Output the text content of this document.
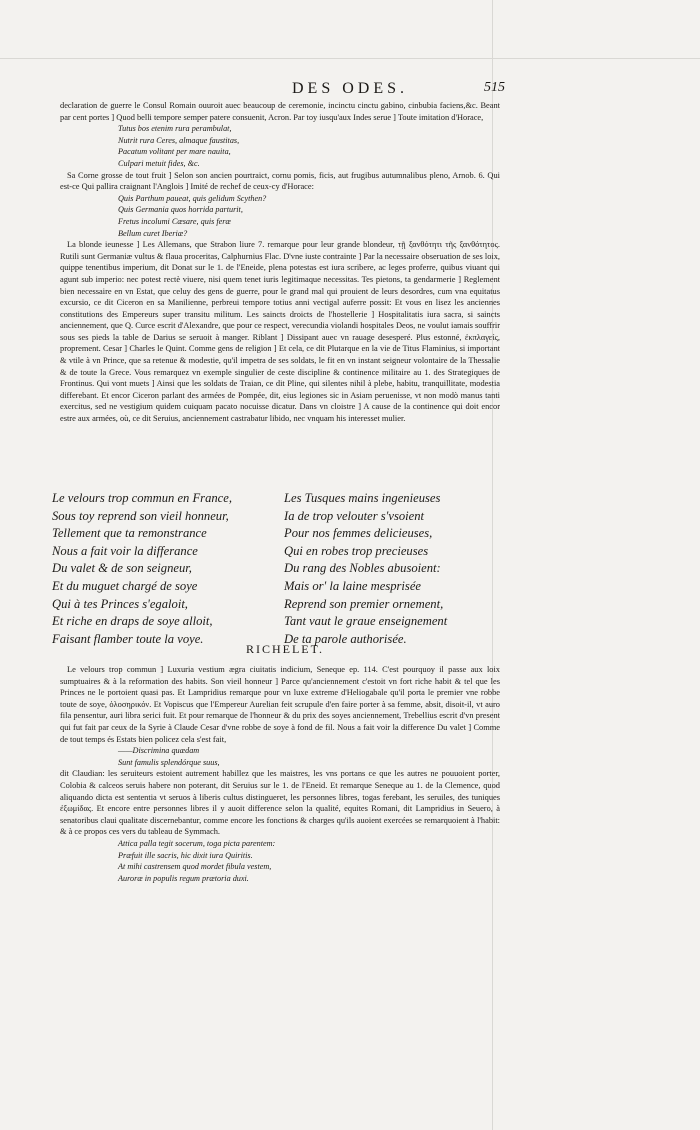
DES ODES.	515

declaration de guerre le Consul Romain ouuroit auec beaucoup de ceremonie, incinctu cinctu gabino, cinbubia faciens,&c. Beant par cent portes ] Quod belli tempore semper patere consuenit, Acron. Par toy iusqu'aux Indes serue ] Toute imitation d'Horace,

Tutus bos etenim rura perambulat,
Nutrit rura Ceres, almaque faustitas,
Pacatum volitant per mare nauita,
Culpari metuit fides, &c.

Sa Corne grosse de tout fruit ] Selon son ancien pourtraict, cornu pomis, ficis, aut frugibus autumnalibus pleno, Arnob. 6. Qui est-ce Qui pallira craignant l'Anglois ] Imité de rechef de ceux-cy d'Horace:

Quis Parthum paueat, quis gelidum Scythen?
Quis Germania quos horrida parturit,
Fretus incolumi Cæsare, quis feræ
Bellum curet Iberiæ?

La blonde ieunesse ] Les Allemans, que Strabon liure 7. remarque pour leur grande blondeur, τῇ ξανθότητι τῆς ξανθότητος. Rutili sunt Germaniæ vultus & flaua proceritas, Calphurnius Flac. D'vne iuste contrainte ] Par la necessaire obseruation de ses loix, quippe tenentibus imperium, dit Donat sur le 1. de l'Eneide, plena potestas est iura scribere, ac leges proferre, quibus viuant qui agunt sub imperio: nec potest rectè viuere, nisi quem tenet iuris legitimaque necessitas. Tes pietons, ta gendarmerie ] Reglement bien necessaire en vn Estat, que celuy des gens de guerre, pour le grand mal qui prouient de leurs desordres, cum vna equitatus excursio, ce dit Ciceron en sa Manilienne, perbreui tempore totius anni vectigal auferre possit: Et vous en lisez les anciennes constitutions des Empereurs super transitu militum. Les saincts droicts de l'hostellerie ] Hospitalitatis iura sacra, si saincts anciennement, que Q. Curce escrit d'Alexandre, que pour ce respect, verecundia violandi hospitales Deos, ne voulut iamais souffrir sous ses pieds la table de Darius se seruoit à manger. Riblant ] Dissipant auec vn rauage desesperé. Plus estonné, ἐκπλαγείς, proprement. Cesar ] Charles le Quint. Comme gens de religion ] Et cela, ce dit Plutarque en la vie de Titus Flaminius, si important & vtile à vn Prince, que sa retenue & modestie, qu'il impetra de ses soldats, le fit en vn instant seigneur volontaire de la Thessalie & de toute la Grece. Vous remarquez vn exemple singulier de ceste discipline & continence militaire au 1. des Strategiques de Frontinus. Qui vont muets ] Ainsi que les soldats de Traian, ce dit Pline, qui silentes nihil à plebe, habitu, tranquillitate, modestia differebant. Et encor Ciceron parlant des armées de Pompée, dit, eius legiones sic in Asiam peruenisse, vt non modò manus tanti exercitus, sed ne vestigium quidem cuiquam pacato nocuisse dicatur. Dans vn cloistre ] A cause de la continence qui doit encor estre aux armées, où, ce dit Seruius, anciennement castrabatur libido, nec vnquam his interesset mulier.

Le velours trop commun en France,
Sous toy reprend son vieil honneur,
Tellement que ta remonstrance
Nous a fait voir la differance
Du valet & de son seigneur,
Et du muguet chargé de soye
Qui à tes Princes s'egaloit,
Et riche en draps de soye alloit,
Faisant flamber toute la voye.
Les Tusques mains ingenieuses
Ia de trop velouter s'vsoient
Pour nos femmes delicieuses,
Qui en robes trop precieuses
Du rang des Nobles abusoient:
Mais or' la laine mesprisée
Reprend son premier ornement,
Tant vaut le graue enseignement
De ta parole authorisée.
RICHELET.

Le velours trop commun ] Luxuria vestium ægra ciuitatis indicium, Seneque ep. 114. C'est pourquoy il passe aux loix sumptuaires & à la reformation des habits. Son vieil honneur ] Parce qu'anciennement c'estoit vn fort riche habit & tel que les Princes ne le portoient quasi pas. Et Lampridius remarque pour vn luxe extreme d'Heliogabale qu'il porta le premier vne robbe toute de soye, ὁλοσηρικόν. Et Vopiscus que l'Empereur Aurelian feit scrupule d'en faire porter à sa femme, absit, disoit-il, vt auro fila pensentur, auri libra serici fuit. Et pour remarque de l'honneur & du prix des soyes anciennement, Trebellius escrit d'vn present qui fut fait par ceux de la Syrie à Claude Cesar d'vne robbe de soye à fond de fil. Nous a fait voir la difference Du valet ] Comme de tout temps és Estats bien policez cela s'est fait,

——Discrimina quædam
Sunt famulis splendórque suus,

dit Claudian: les seruiteurs estoient autrement habillez que les maistres, les vns portans ce que les autres ne pouuoient porter, Colobia & calceos seruis habere non poterant, dit Seruius sur le 1. de l'Eneid. Et remarque Seneque au 1. de la Clemence, quod aliquando dicta est sententia vt seruos à liberis cultus distingueret, les personnes libres, togas ferebant, les seruiles, des tuniques ἐξωμίδας. Et encore entre personnes libres il y auoit difference selon la qualité, equites Romani, dit Lampridius in Seuero, à senatoribus claui qualitate discernebantur, comme encore les fonctions & charges qu'ils auoient exercées se remarquoient à l'habit: & à ce propos ces vers du tableau de Symmach.

Attica palla tegit socerum, toga picta parentem:
Præfuit ille sacris, hic dixit iura Quiritis.
At mihi castrensem quod mordet fibula vestem,
Auroræ in populis regum prætoria duxi.
